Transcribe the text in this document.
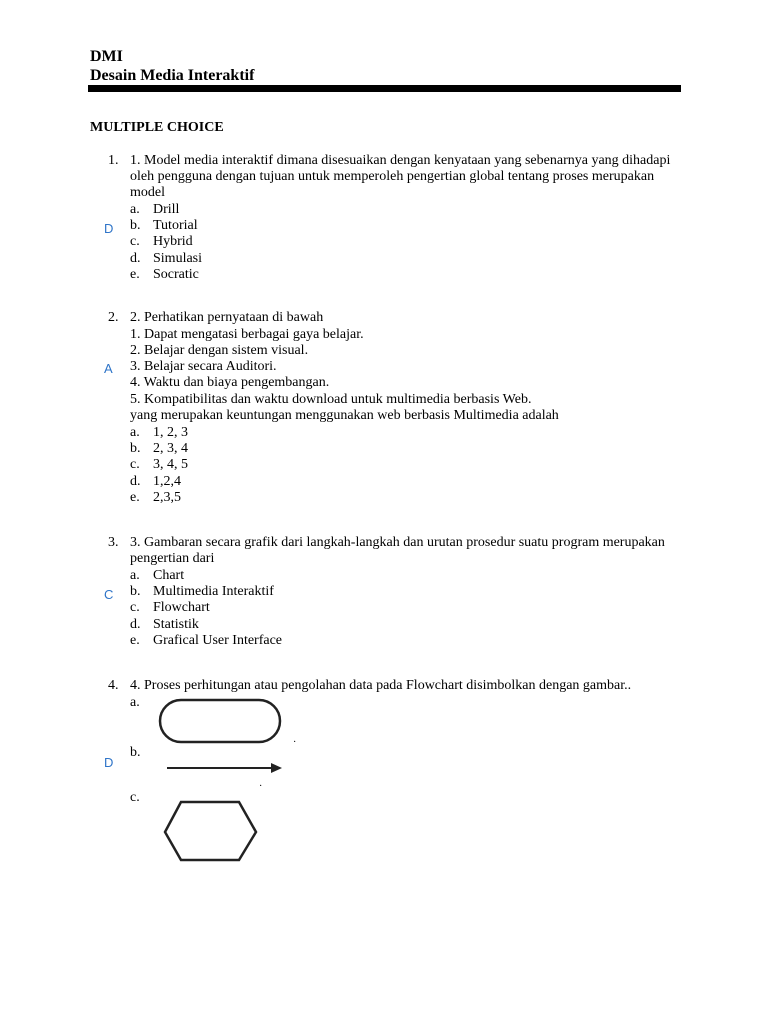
DMI
Desain Media Interaktif
MULTIPLE CHOICE
1. 1. Model media interaktif dimana disesuaikan dengan kenyataan yang sebenarnya yang dihadapi
oleh pengguna dengan tujuan untuk memperoleh pengertian global tentang proses merupakan
model
D
a. Drill
b. Tutorial
c. Hybrid
d. Simulasi
e. Socratic
2. 2. Perhatikan pernyataan di bawah
1. Dapat mengatasi berbagai gaya belajar.
2. Belajar dengan sistem visual.
3. Belajar secara Auditori.
4. Waktu dan biaya pengembangan.
5. Kompatibilitas dan waktu download untuk multimedia berbasis Web.
yang merupakan keuntungan menggunakan web berbasis Multimedia adalah
A
a. 1, 2, 3
b. 2, 3, 4
c. 3, 4, 5
d. 1,2,4
e. 2,3,5
3. 3. Gambaran secara grafik dari langkah-langkah dan urutan prosedur suatu program merupakan
pengertian dari
C
a. Chart
b. Multimedia Interaktif
c. Flowchart
d. Statistik
e. Grafical User Interface
4. 4. Proses perhitungan atau pengolahan data pada Flowchart disimbolkan dengan gambar..
D
a.
·
b.
·
c.
